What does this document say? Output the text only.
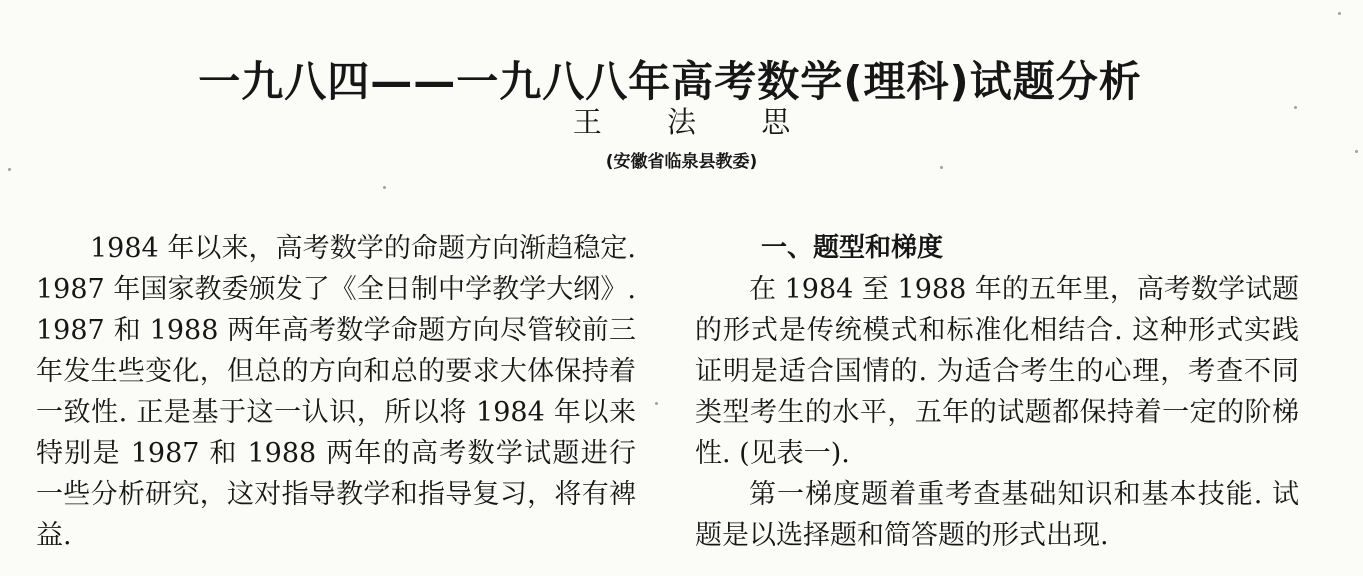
一九八四——一九八八年高考数学(理科)试题分析
王 法 思
(安徽省临泉县教委)

1984 年以来，高考数学的命题方向渐趋稳定. 1987 年国家教委颁发了《全日制中学教学大纲》. 1987 和 1988 两年高考数学命题方向尽管较前三年发生些变化，但总的方向和总的要求大体保持着一致性. 正是基于这一认识，所以将 1984 年以来特别是 1987 和 1988 两年的高考数学试题进行一些分析研究，这对指导教学和指导复习，将有裨益.

一、题型和梯度

在 1984 至 1988 年的五年里，高考数学试题的形式是传统模式和标准化相结合. 这种形式实践证明是适合国情的. 为适合考生的心理，考查不同类型考生的水平，五年的试题都保持着一定的阶梯性. (见表一).

第一梯度题着重考查基础知识和基本技能. 试题是以选择题和简答题的形式出现.
